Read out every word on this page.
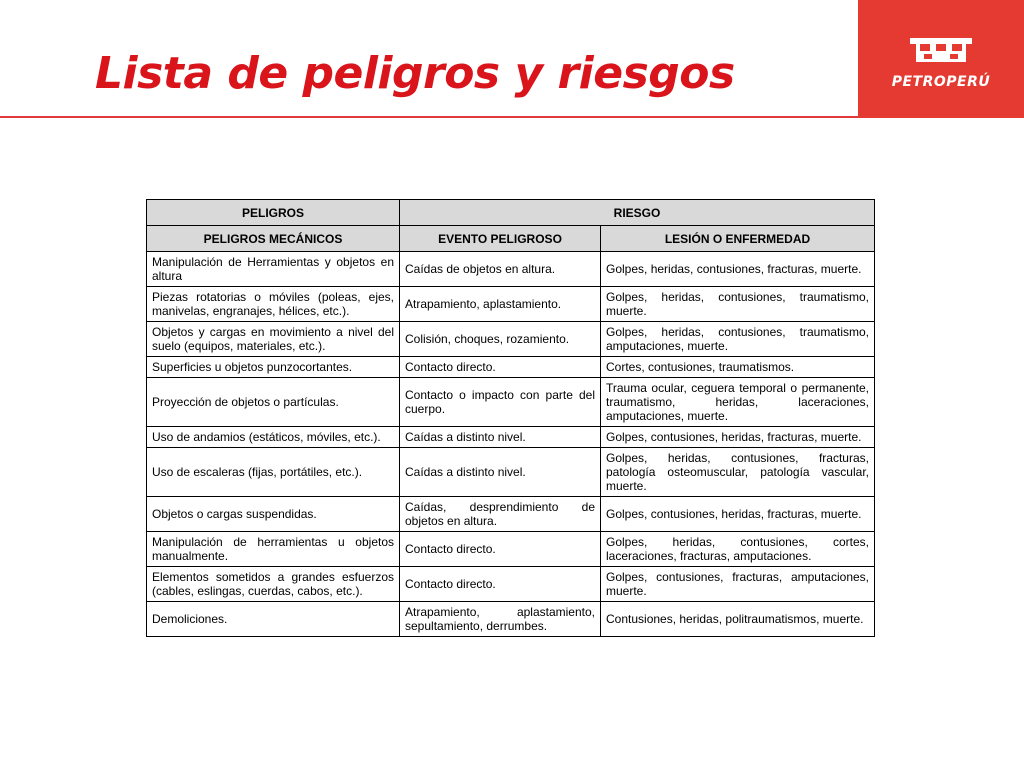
Lista de peligros y riesgos	PETROPERÚ
PELIGROS	RIESGO	
PELIGROS MECÁNICOS	EVENTO PELIGROSO	LESIÓN O ENFERMEDAD
Manipulación de Herramientas y objetos en altura	Caídas de objetos en altura.	Golpes, heridas, contusiones, fracturas, muerte.
Piezas rotatorias o móviles (poleas, ejes, manivelas, engranajes, hélices, etc.).	Atrapamiento, aplastamiento.	Golpes, heridas, contusiones, traumatismo, muerte.
Objetos y cargas en movimiento a nivel del suelo (equipos, materiales, etc.).	Colisión, choques, rozamiento.	Golpes, heridas, contusiones, traumatismo, amputaciones, muerte.
Superficies u objetos punzocortantes.	Contacto directo.	Cortes, contusiones, traumatismos.
Proyección de objetos o partículas.	Contacto o impacto con parte del cuerpo.	Trauma ocular, ceguera temporal o permanente, traumatismo, heridas, laceraciones, amputaciones, muerte.
Uso de andamios (estáticos, móviles, etc.).	Caídas a distinto nivel.	Golpes, contusiones, heridas, fracturas, muerte.
Uso de escaleras (fijas, portátiles, etc.).	Caídas a distinto nivel.	Golpes, heridas, contusiones, fracturas, patología osteomuscular, patología vascular, muerte.
Objetos o cargas suspendidas.	Caídas, desprendimiento de objetos en altura.	Golpes, contusiones, heridas, fracturas, muerte.
Manipulación de herramientas u objetos manualmente.	Contacto directo.	Golpes, heridas, contusiones, cortes, laceraciones, fracturas, amputaciones.
Elementos sometidos a grandes esfuerzos (cables, eslingas, cuerdas, cabos, etc.).	Contacto directo.	Golpes, contusiones, fracturas, amputaciones, muerte.
Demoliciones.	Atrapamiento, aplastamiento, sepultamiento, derrumbes.	Contusiones, heridas, politraumatismos, muerte.
